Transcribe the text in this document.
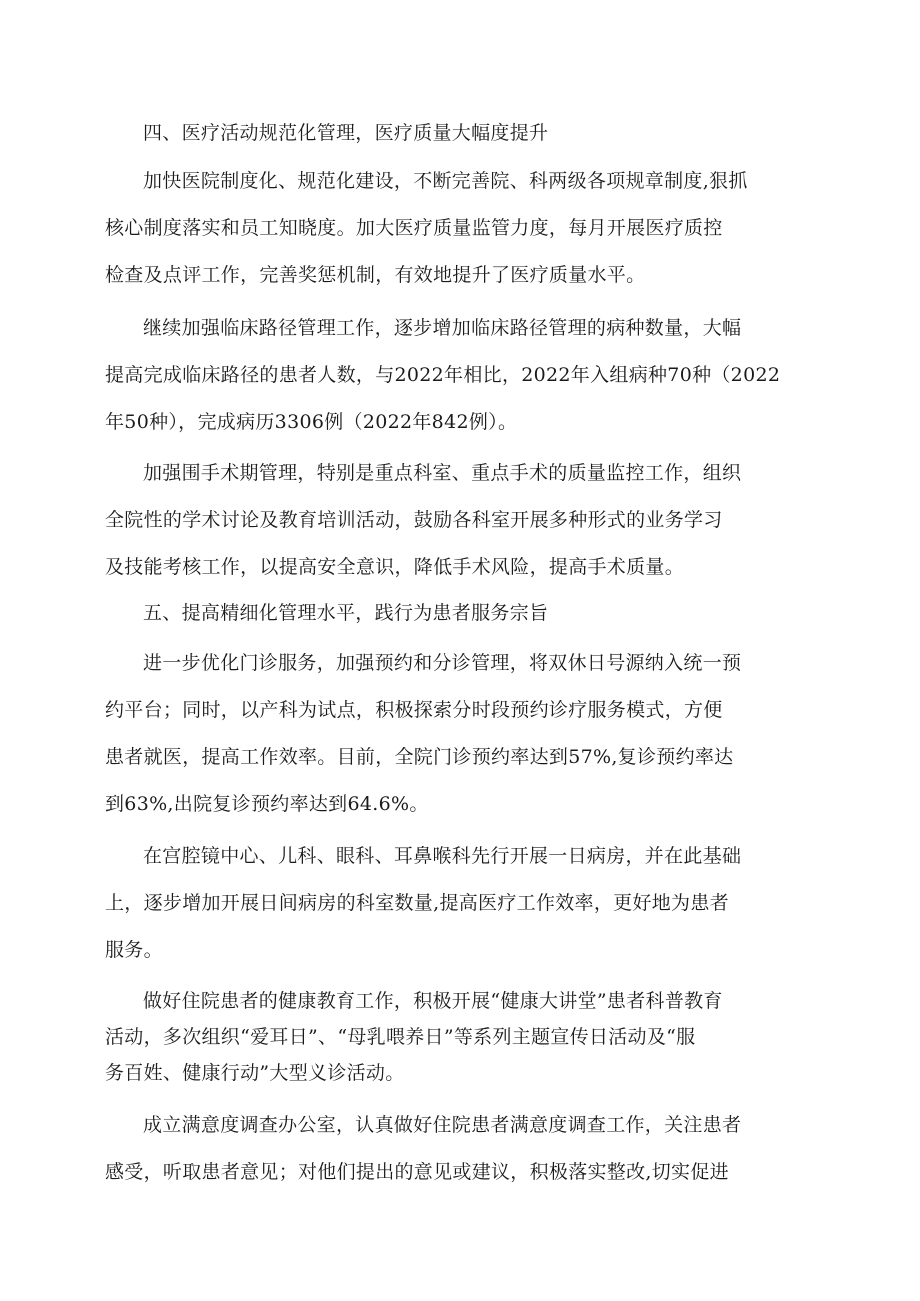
四、医疗活动规范化管理，医疗质量大幅度提升
加快医院制度化、规范化建设，不断完善院、科两级各项规章制度,狠抓
核心制度落实和员工知晓度。加大医疗质量监管力度，每月开展医疗质控
检查及点评工作，完善奖惩机制，有效地提升了医疗质量水平。
继续加强临床路径管理工作，逐步增加临床路径管理的病种数量，大幅
提高完成临床路径的患者人数，与2022年相比，2022年入组病种70种（2022
年50种），完成病历3306例（2022年842例）。
加强围手术期管理，特别是重点科室、重点手术的质量监控工作，组织
全院性的学术讨论及教育培训活动，鼓励各科室开展多种形式的业务学习
及技能考核工作，以提高安全意识，降低手术风险，提高手术质量。
五、提高精细化管理水平，践行为患者服务宗旨
进一步优化门诊服务，加强预约和分诊管理，将双休日号源纳入统一预
约平台；同时，以产科为试点，积极探索分时段预约诊疗服务模式，方便
患者就医，提高工作效率。目前，全院门诊预约率达到57%,复诊预约率达
到63%,出院复诊预约率达到64.6%。
在宫腔镜中心、儿科、眼科、耳鼻喉科先行开展一日病房，并在此基础
上，逐步增加开展日间病房的科室数量,提高医疗工作效率，更好地为患者
服务。
做好住院患者的健康教育工作，积极开展“健康大讲堂”患者科普教育
活动，多次组织“爱耳日”、“母乳喂养日”等系列主题宣传日活动及“服
务百姓、健康行动”大型义诊活动。
成立满意度调查办公室，认真做好住院患者满意度调查工作，关注患者
感受，听取患者意见；对他们提出的意见或建议，积极落实整改,切实促进
